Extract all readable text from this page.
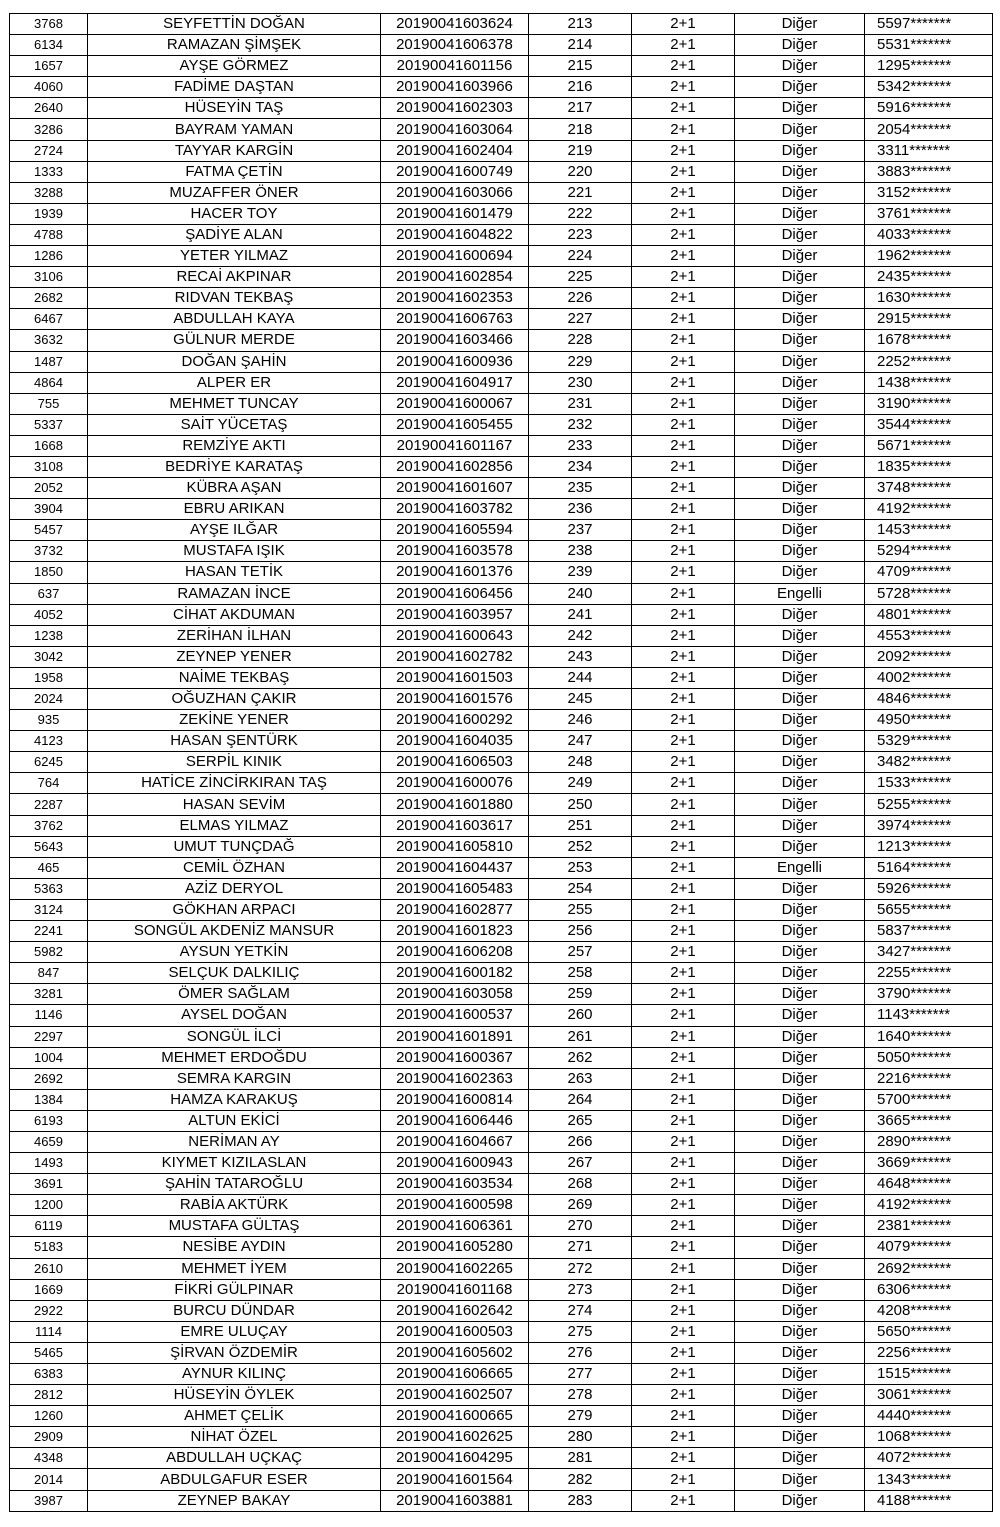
3768	SEYFETTİN DOĞAN	20190041603624	213	2+1	Diğer	5597*******
6134	RAMAZAN ŞİMŞEK	20190041606378	214	2+1	Diğer	5531*******
1657	AYŞE GÖRMEZ	20190041601156	215	2+1	Diğer	1295*******
4060	FADİME DAŞTAN	20190041603966	216	2+1	Diğer	5342*******
2640	HÜSEYİN TAŞ	20190041602303	217	2+1	Diğer	5916*******
3286	BAYRAM YAMAN	20190041603064	218	2+1	Diğer	2054*******
2724	TAYYAR KARGİN	20190041602404	219	2+1	Diğer	3311*******
1333	FATMA ÇETİN	20190041600749	220	2+1	Diğer	3883*******
3288	MUZAFFER ÖNER	20190041603066	221	2+1	Diğer	3152*******
1939	HACER TOY	20190041601479	222	2+1	Diğer	3761*******
4788	ŞADİYE ALAN	20190041604822	223	2+1	Diğer	4033*******
1286	YETER YILMAZ	20190041600694	224	2+1	Diğer	1962*******
3106	RECAİ AKPINAR	20190041602854	225	2+1	Diğer	2435*******
2682	RIDVAN TEKBAŞ	20190041602353	226	2+1	Diğer	1630*******
6467	ABDULLAH KAYA	20190041606763	227	2+1	Diğer	2915*******
3632	GÜLNUR MERDE	20190041603466	228	2+1	Diğer	1678*******
1487	DOĞAN ŞAHİN	20190041600936	229	2+1	Diğer	2252*******
4864	ALPER ER	20190041604917	230	2+1	Diğer	1438*******
755	MEHMET TUNCAY	20190041600067	231	2+1	Diğer	3190*******
5337	SAİT YÜCETAŞ	20190041605455	232	2+1	Diğer	3544*******
1668	REMZİYE AKTI	20190041601167	233	2+1	Diğer	5671*******
3108	BEDRİYE KARATAŞ	20190041602856	234	2+1	Diğer	1835*******
2052	KÜBRA AŞAN	20190041601607	235	2+1	Diğer	3748*******
3904	EBRU ARIKAN	20190041603782	236	2+1	Diğer	4192*******
5457	AYŞE ILĞAR	20190041605594	237	2+1	Diğer	1453*******
3732	MUSTAFA IŞIK	20190041603578	238	2+1	Diğer	5294*******
1850	HASAN TETİK	20190041601376	239	2+1	Diğer	4709*******
637	RAMAZAN İNCE	20190041606456	240	2+1	Engelli	5728*******
4052	CİHAT AKDUMAN	20190041603957	241	2+1	Diğer	4801*******
1238	ZERİHAN İLHAN	20190041600643	242	2+1	Diğer	4553*******
3042	ZEYNEP YENER	20190041602782	243	2+1	Diğer	2092*******
1958	NAİME TEKBAŞ	20190041601503	244	2+1	Diğer	4002*******
2024	OĞUZHAN ÇAKIR	20190041601576	245	2+1	Diğer	4846*******
935	ZEKİNE YENER	20190041600292	246	2+1	Diğer	4950*******
4123	HASAN ŞENTÜRK	20190041604035	247	2+1	Diğer	5329*******
6245	SERPİL KINIK	20190041606503	248	2+1	Diğer	3482*******
764	HATİCE ZİNCİRKIRAN TAŞ	20190041600076	249	2+1	Diğer	1533*******
2287	HASAN SEVİM	20190041601880	250	2+1	Diğer	5255*******
3762	ELMAS YILMAZ	20190041603617	251	2+1	Diğer	3974*******
5643	UMUT TUNÇDAĞ	20190041605810	252	2+1	Diğer	1213*******
465	CEMİL ÖZHAN	20190041604437	253	2+1	Engelli	5164*******
5363	AZİZ DERYOL	20190041605483	254	2+1	Diğer	5926*******
3124	GÖKHAN ARPACI	20190041602877	255	2+1	Diğer	5655*******
2241	SONGÜL AKDENİZ MANSUR	20190041601823	256	2+1	Diğer	5837*******
5982	AYSUN YETKİN	20190041606208	257	2+1	Diğer	3427*******
847	SELÇUK DALKILIÇ	20190041600182	258	2+1	Diğer	2255*******
3281	ÖMER SAĞLAM	20190041603058	259	2+1	Diğer	3790*******
1146	AYSEL DOĞAN	20190041600537	260	2+1	Diğer	1143*******
2297	SONGÜL İLCİ	20190041601891	261	2+1	Diğer	1640*******
1004	MEHMET ERDOĞDU	20190041600367	262	2+1	Diğer	5050*******
2692	SEMRA KARGIN	20190041602363	263	2+1	Diğer	2216*******
1384	HAMZA KARAKUŞ	20190041600814	264	2+1	Diğer	5700*******
6193	ALTUN EKİCİ	20190041606446	265	2+1	Diğer	3665*******
4659	NERİMAN AY	20190041604667	266	2+1	Diğer	2890*******
1493	KIYMET KIZILASLAN	20190041600943	267	2+1	Diğer	3669*******
3691	ŞAHİN TATAROĞLU	20190041603534	268	2+1	Diğer	4648*******
1200	RABİA AKTÜRK	20190041600598	269	2+1	Diğer	4192*******
6119	MUSTAFA GÜLTAŞ	20190041606361	270	2+1	Diğer	2381*******
5183	NESİBE AYDIN	20190041605280	271	2+1	Diğer	4079*******
2610	MEHMET İYEM	20190041602265	272	2+1	Diğer	2692*******
1669	FİKRİ GÜLPINAR	20190041601168	273	2+1	Diğer	6306*******
2922	BURCU DÜNDAR	20190041602642	274	2+1	Diğer	4208*******
1114	EMRE ULUÇAY	20190041600503	275	2+1	Diğer	5650*******
5465	ŞİRVAN ÖZDEMİR	20190041605602	276	2+1	Diğer	2256*******
6383	AYNUR KILINÇ	20190041606665	277	2+1	Diğer	1515*******
2812	HÜSEYİN ÖYLEK	20190041602507	278	2+1	Diğer	3061*******
1260	AHMET ÇELİK	20190041600665	279	2+1	Diğer	4440*******
2909	NİHAT ÖZEL	20190041602625	280	2+1	Diğer	1068*******
4348	ABDULLAH UÇKAÇ	20190041604295	281	2+1	Diğer	4072*******
2014	ABDULGAFUR ESER	20190041601564	282	2+1	Diğer	1343*******
3987	ZEYNEP BAKAY	20190041603881	283	2+1	Diğer	4188*******
